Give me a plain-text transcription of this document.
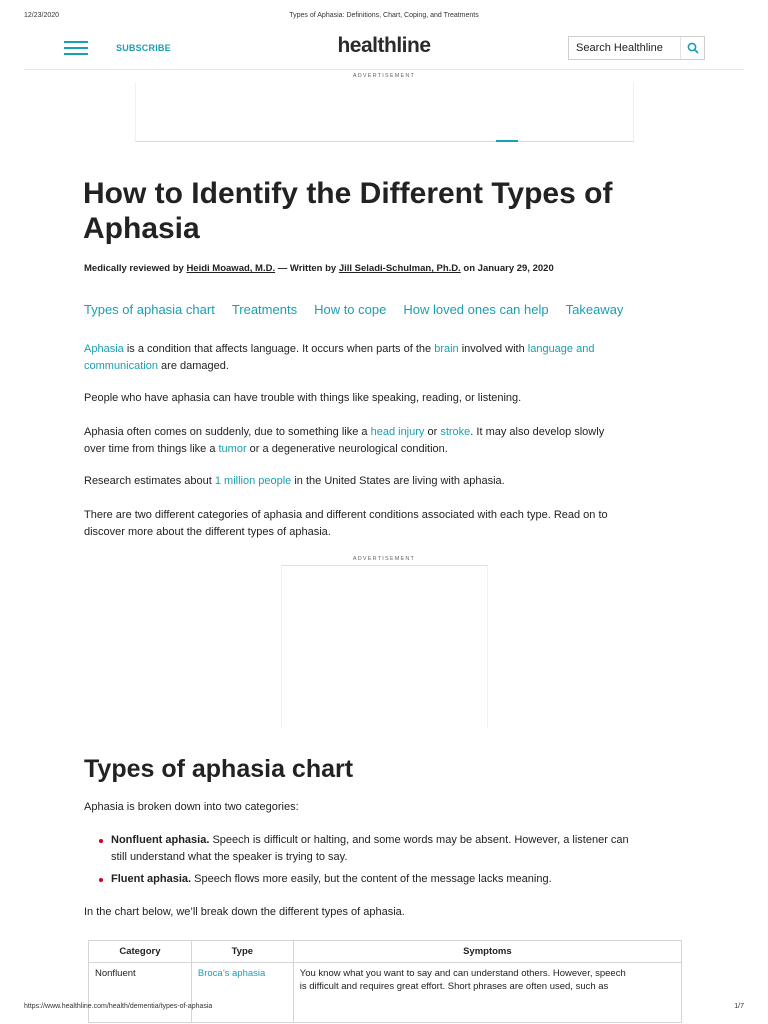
12/23/2020	Types of Aphasia: Definitions, Chart, Coping, and Treatments
SUBSCRIBE	healthline	Search Healthline
ADVERTISEMENT
How to Identify the Different Types of Aphasia
Medically reviewed by Heidi Moawad, M.D. — Written by Jill Seladi-Schulman, Ph.D. on January 29, 2020
Types of aphasia chart Treatments How to cope How loved ones can help Takeaway
Aphasia is a condition that affects language. It occurs when parts of the brain involved with language and
communication are damaged.
People who have aphasia can have trouble with things like speaking, reading, or listening.
Aphasia often comes on suddenly, due to something like a head injury or stroke. It may also develop slowly
over time from things like a tumor or a degenerative neurological condition.
Research estimates about 1 million people in the United States are living with aphasia.
There are two different categories of aphasia and different conditions associated with each type. Read on to
discover more about the different types of aphasia.
ADVERTISEMENT
Types of aphasia chart
Aphasia is broken down into two categories:
Nonfluent aphasia. Speech is difficult or halting, and some words may be absent. However, a listener can
still understand what the speaker is trying to say.
Fluent aphasia. Speech flows more easily, but the content of the message lacks meaning.
In the chart below, we’ll break down the different types of aphasia.
Category	Type	Symptoms
Nonfluent	Broca’s aphasia	You know what you want to say and can understand others. However, speech
is difficult and requires great effort. Short phrases are often used, such as
https://www.healthline.com/health/dementia/types-of-aphasia	1/7
